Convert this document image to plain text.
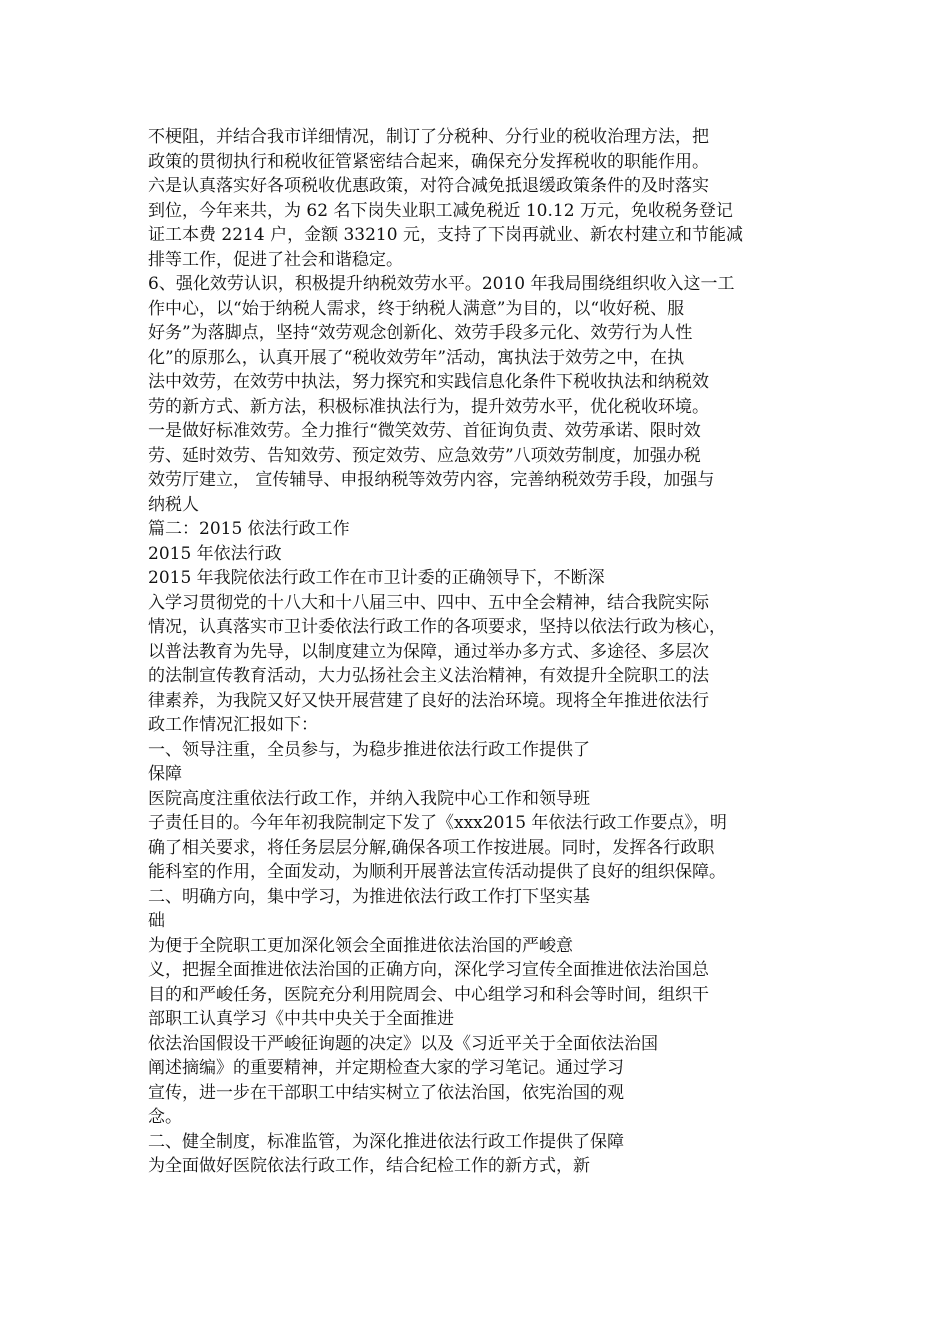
不梗阻，并结合我市详细情况，制订了分税种、分行业的税收治理方法，把
政策的贯彻执行和税收征管紧密结合起来，确保充分发挥税收的职能作用。
六是认真落实好各项税收优惠政策，对符合减免抵退缓政策条件的及时落实
到位，今年来共，为 62 名下岗失业职工减免税近 10.12 万元，免收税务登记
证工本费 2214 户，金额 33210 元，支持了下岗再就业、新农村建立和节能减
排等工作，促进了社会和谐稳定。
6、强化效劳认识，积极提升纳税效劳水平。2010 年我局围绕组织收入这一工
作中心，以“始于纳税人需求，终于纳税人满意”为目的，以“收好税、服
好务”为落脚点，坚持“效劳观念创新化、效劳手段多元化、效劳行为人性
化”的原那么，认真开展了“税收效劳年”活动，寓执法于效劳之中，在执
法中效劳，在效劳中执法，努力探究和实践信息化条件下税收执法和纳税效
劳的新方式、新方法，积极标准执法行为，提升效劳水平，优化税收环境。
一是做好标准效劳。全力推行“微笑效劳、首征询负责、效劳承诺、限时效
劳、延时效劳、告知效劳、预定效劳、应急效劳”八项效劳制度，加强办税
效劳厅建立， 宣传辅导、申报纳税等效劳内容，完善纳税效劳手段，加强与
纳税人
篇二：2015 依法行政工作
2015 年依法行政
2015 年我院依法行政工作在市卫计委的正确领导下，不断深
入学习贯彻党的十八大和十八届三中、四中、五中全会精神，结合我院实际
情况，认真落实市卫计委依法行政工作的各项要求，坚持以依法行政为核心，
以普法教育为先导，以制度建立为保障，通过举办多方式、多途径、多层次
的法制宣传教育活动，大力弘扬社会主义法治精神，有效提升全院职工的法
律素养，为我院又好又快开展营建了良好的法治环境。现将全年推进依法行
政工作情况汇报如下：
一、领导注重，全员参与，为稳步推进依法行政工作提供了
保障
医院高度注重依法行政工作，并纳入我院中心工作和领导班
子责任目的。今年年初我院制定下发了《xxx2015 年依法行政工作要点》，明
确了相关要求，将任务层层分解,确保各项工作按进展。同时，发挥各行政职
能科室的作用，全面发动，为顺利开展普法宣传活动提供了良好的组织保障。
二、明确方向，集中学习，为推进依法行政工作打下坚实基
础
为便于全院职工更加深化领会全面推进依法治国的严峻意
义，把握全面推进依法治国的正确方向，深化学习宣传全面推进依法治国总
目的和严峻任务，医院充分利用院周会、中心组学习和科会等时间，组织干
部职工认真学习《中共中央关于全面推进
依法治国假设干严峻征询题的决定》以及《习近平关于全面依法治国
阐述摘编》的重要精神，并定期检查大家的学习笔记。通过学习
宣传，进一步在干部职工中结实树立了依法治国，依宪治国的观
念。
二、健全制度，标准监管，为深化推进依法行政工作提供了保障
为全面做好医院依法行政工作，结合纪检工作的新方式，新
